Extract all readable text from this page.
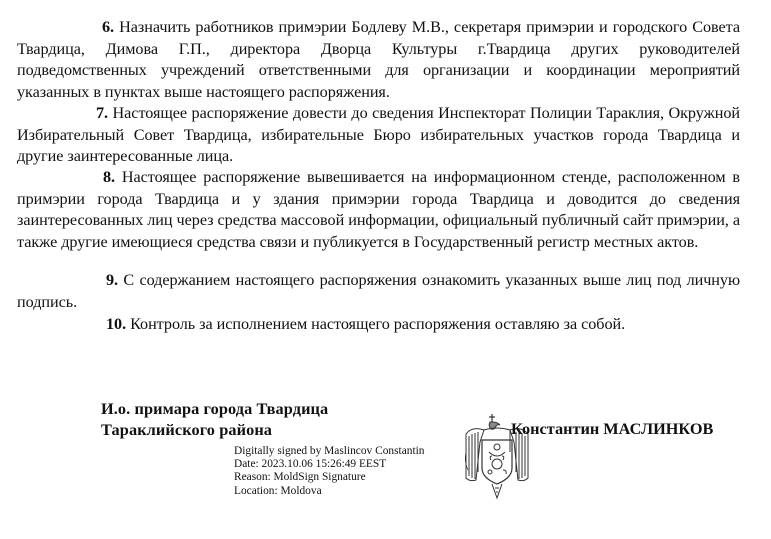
6. Назначить работников примэрии Бодлеву М.В., секретаря примэрии и городского Совета Твардица, Димова Г.П., директора Дворца Культуры г.Твардица других руководителей подведомственных учреждений ответственными для организации и координации мероприятий указанных в пунктах выше настоящего распоряжения.
7. Настоящее распоряжение довести до сведения Инспекторат Полиции Тараклия, Окружной Избирательный Совет Твардица, избирательные Бюро избирательных участков города Твардица и другие заинтересованные лица.
8. Настоящее распоряжение вывешивается на информационном стенде, расположенном в примэрии города Твардица и у здания примэрии города Твардица и доводится до сведения заинтересованных лиц через средства массовой информации, официальный публичный сайт примэрии, а также другие имеющиеся средства связи и публикуется в Государственный регистр местных актов.
9. С содержанием настоящего распоряжения ознакомить указанных выше лиц под личную подпись.
10. Контроль за исполнением настоящего распоряжения оставляю за собой.
И.о. примара города Твардица
Тараклийского района	Константин МАСЛИНКОВ
Digitally signed by Maslincov Constantin
Date: 2023.10.06 15:26:49 EEST
Reason: MoldSign Signature
Location: Moldova
